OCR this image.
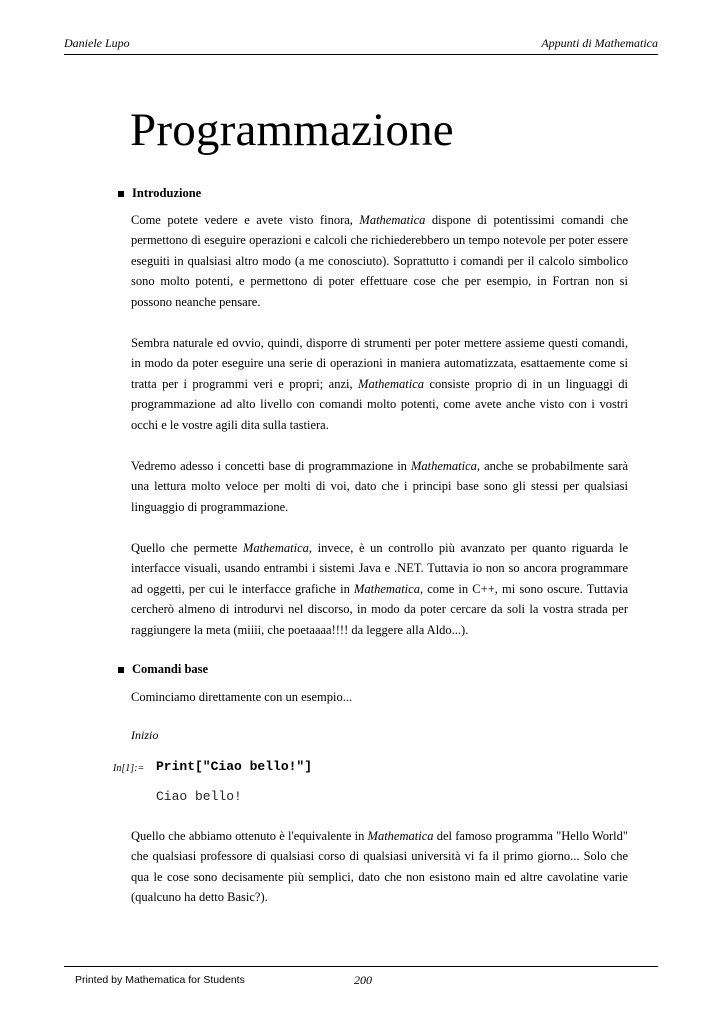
Daniele Lupo	Appunti di Mathematica
Programmazione
Introduzione

Come potete vedere e avete visto finora, Mathematica dispone di potentissimi comandi che permettono di eseguire operazioni e calcoli che richiederebbero un tempo notevole per poter essere eseguiti in qualsiasi altro modo (a me conosciuto). Soprattutto i comandi per il calcolo simbolico sono molto potenti, e permettono di poter effettuare cose che per esempio, in Fortran non si possono neanche pensare.

Sembra naturale ed ovvio, quindi, disporre di strumenti per poter mettere assieme questi comandi, in modo da poter eseguire una serie di operazioni in maniera automatizzata, esattaemente come si tratta per i programmi veri e propri; anzi, Mathematica consiste proprio di in un linguaggi di programmazione ad alto livello con comandi molto potenti, come avete anche visto con i vostri occhi e le vostre agili dita sulla tastiera.

Vedremo adesso i concetti base di programmazione in Mathematica, anche se probabilmente sarà una lettura molto veloce per molti di voi, dato che i principi base sono gli stessi per qualsiasi linguaggio di programmazione.

Quello che permette Mathematica, invece, è un controllo più avanzato per quanto riguarda le interfacce visuali, usando entrambi i sistemi Java e .NET. Tuttavia io non so ancora programmare ad oggetti, per cui le interfacce grafiche in Mathematica, come in C++, mi sono oscure. Tuttavia cercherò almeno di introdurvi nel discorso, in modo da poter cercare da soli la vostra strada per raggiungere la meta (miiii, che poetaaaa!!!! da leggere alla Aldo...).

Comandi base

Cominciamo direttamente con un esempio...

Inizio
In[1]:= Print["Ciao bello!"]
Ciao bello!

Quello che abbiamo ottenuto è l'equivalente in Mathematica del famoso programma "Hello World" che qualsiasi professore di qualsiasi corso di qualsiasi università vi fa il primo giorno... Solo che qua le cose sono decisamente più semplici, dato che non esistono main ed altre cavolatine varie (qualcuno ha detto Basic?).

Printed by Mathematica for Students	200
